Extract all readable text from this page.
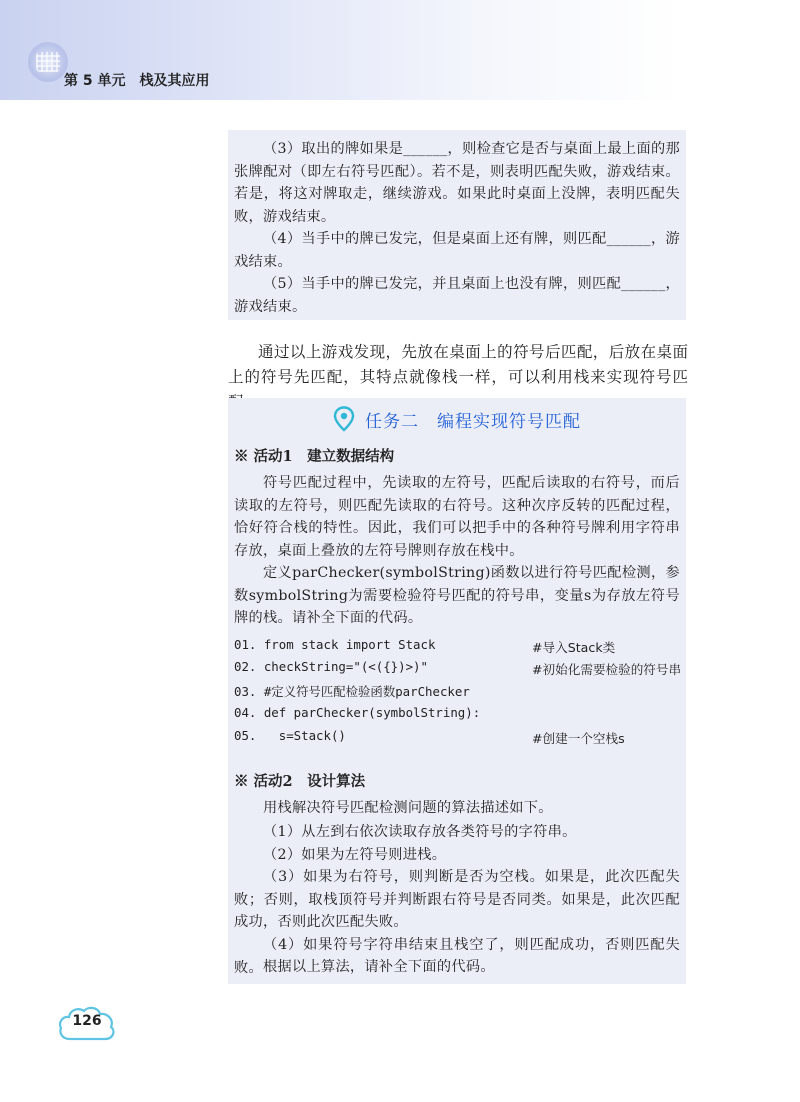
第 5 单元　 栈及其应用
（3）取出的牌如果是______，则检查它是否与桌面上最上面的那张牌配对（即左右符号匹配）。若不是，则表明匹配失败，游戏结束。若是，将这对牌取走，继续游戏。如果此时桌面上没牌，表明匹配失败，游戏结束。
（4）当手中的牌已发完，但是桌面上还有牌，则匹配______，游戏结束。
（5）当手中的牌已发完，并且桌面上也没有牌，则匹配______，游戏结束。
通过以上游戏发现，先放在桌面上的符号后匹配，后放在桌面上的符号先匹配，其特点就像栈一样，可以利用栈来实现符号匹
任务二　编程实现符号匹配
※ 活动1　建立数据结构
符号匹配过程中，先读取的左符号，匹配后读取的右符号，而后读取的左符号，则匹配先读取的右符号。这种次序反转的匹配过程，恰好符合栈的特性。因此，我们可以把手中的各种符号牌利用字符串存放，桌面上叠放的左符号牌则存放在栈中。
定义parChecker(symbolString)函数以进行符号匹配检测，参数symbolString为需要检验符号匹配的符号串，变量s为存放左符号牌的栈。请补全下面的代码。
01. from stack import Stack	#导入Stack类
02. checkString="(<({})>)"	#初始化需要检验的符号串
03. #定义符号匹配检验函数parChecker
04. def parChecker(symbolString):
05.   s=Stack()	#创建一个空栈s
※ 活动2　设计算法
用栈解决符号匹配检测问题的算法描述如下。
（1）从左到右依次读取存放各类符号的字符串。
（2）如果为左符号则进栈。
（3）如果为右符号，则判断是否为空栈。如果是，此次匹配失败；否则，取栈顶符号并判断跟右符号是否同类。如果是，此次匹配成功，否则此次匹配失败。
（4）如果符号字符串结束且栈空了，则匹配成功，否则匹配失败。 根据以上算法，请补全下面的代码。
126
